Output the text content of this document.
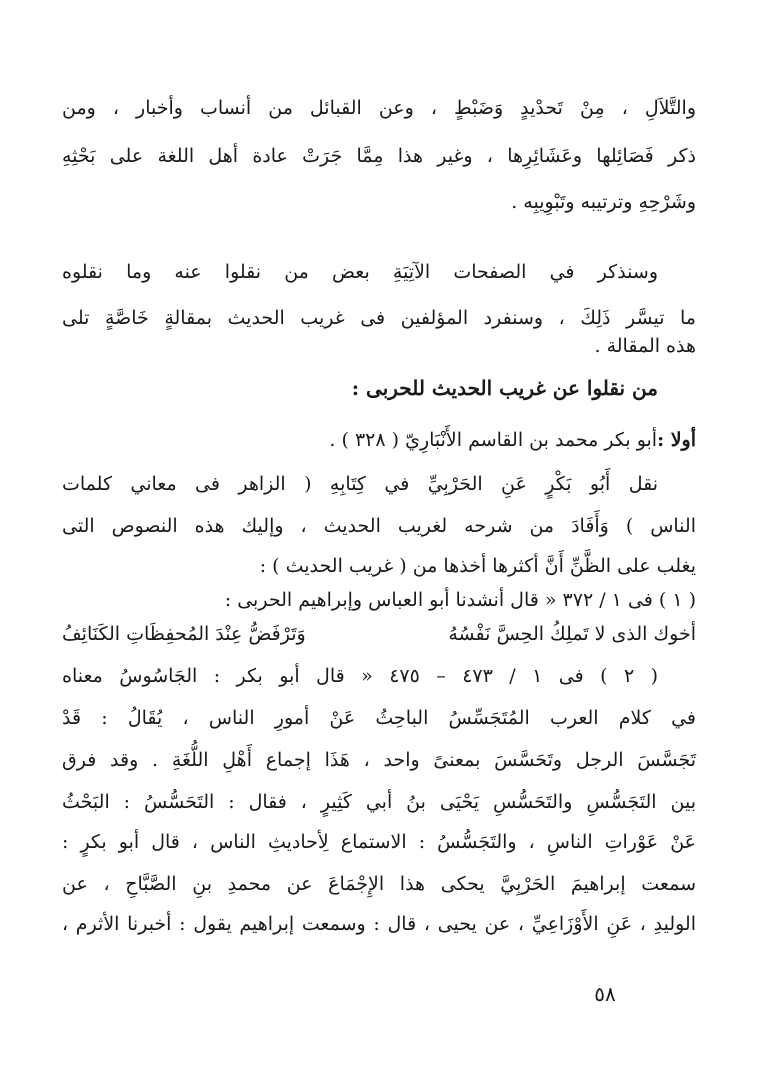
والتَّلاَلِ ، مِنْ تَحدْيدٍ وَضَبْطٍ ، وعن القبائل من أنساب وأخبار ، ومن
ذكر فَصَائِلها وعَشَائِرِها ، وغير هذا مِمَّا جَرَتْ عادة أهل اللغة على بَحْثِهِ
وشَرْحِهِ وترتيبه وتَبْوِيبِه .
وسنذكر في الصفحات الآتِيَةِ بعض من نقلوا عنه وما نقلوه
ما تيسَّر ذَلِكَ ، وسنفرد المؤلفين فى غريب الحديث بمقالةٍ خَاصَّةٍ تلى
هذه المقالة .
من نقلوا عن غريب الحديث للحربى :
أولا :أبو بكر محمد بن القاسم الأَنْبَارِيّ ( ٣٢٨ ) .
نقل أَبُو بَكْرٍ عَنِ الحَرْبِيِّ في كِتَابِهِ ( الزاهر فى معاني كلمات
الناس ) وَأَفَادَ من شرحه لغريب الحديث ، وإليك هذه النصوص التى
يغلب على الظَّنِّ أَنَّ أكثرها أخذها من ( غريب الحديث ) :
( ١ ) فى ١ / ٣٧٢ « قال أنشدنا أبو العباس وإبراهيم الحربى :
أخوك الذى لا تَملِكُ الحِسَّ نَفْسُهُ
وَتَرْفَضُّ عِنْدَ المُحفِظَاتِ الكَنَائِفُ
( ٢ ) فى ١ / ٤٧٣ – ٤٧٥ « قال أبو بكر : الجَاسُوسُ معناه
في كلام العرب المُتَجَسِّسُ الباحِثُ عَنْ أمورِ الناس ، يُقَالُ : قَدْ
تَجَسَّسَ الرجل وتَحَسَّسَ بمعنىً واحد ، هَذَا إجماع أَهْلِ اللُّغَةِ . وقد فرق
بين التَجَسُّسِ والتَحَسُّسِ يَحْيَى بنُ أبي كَثِيرٍ ، فقال : التَحَسُّسُ : البَحْثُ
عَنْ عَوْراتِ الناسِ ، والتَجَسُّسُ : الاستماع لِأحاديثِ الناس ، قال أبو بكرٍ :
سمعت إبراهيمَ الحَرْبِيَّ يحكى هذا الإِجْمَاعَ عن محمدِ بنِ الصَّبَّاحِ ، عن
الوليدِ ، عَنِ الأَوْزَاعِيِّ ، عن يحيى ، قال : وسمعت إبراهيم يقول : أخبرنا الأثرم ،
٥٨
